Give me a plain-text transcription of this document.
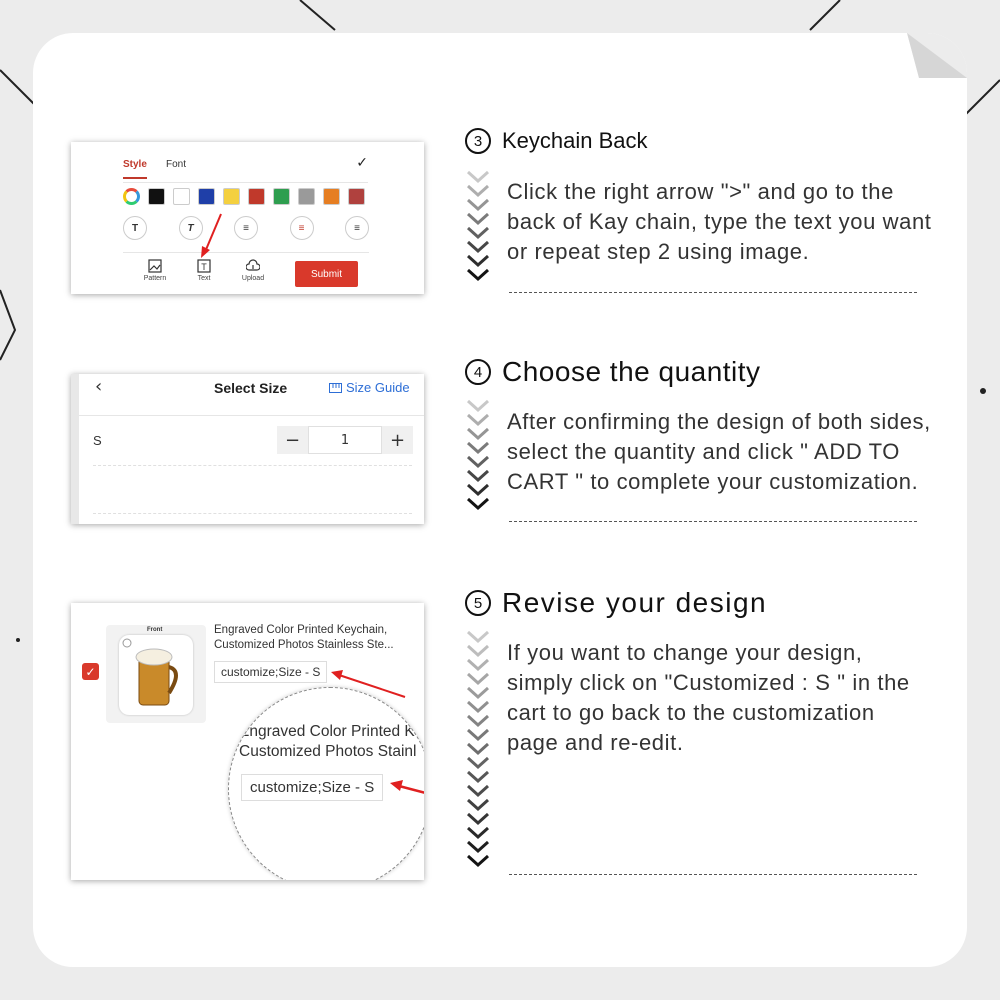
Style Font	✓
T	T	≡	≡	≡
Pattern
T
Text	Upload	Submit
‹	Select Size	Size Guide
S	−	1	+
✓
Front	Engraved Color Printed Keychain,
Customized Photos Stainless Ste...
customize;Size - S
Engraved Color Printed K
Customized Photos Stainl
customize;Size - S
3 Keychain Back
Click the right arrow ">" and go to the
back of Kay chain, type the text you want
or repeat step 2 using image.
4 Choose the quantity
After confirming the design of both sides,
select the quantity and click " ADD TO
CART " to complete your customization.
5 Revise your design
If you want to change your design,
simply click on "Customized : S " in the
cart to go back to the customization
page and re-edit.
